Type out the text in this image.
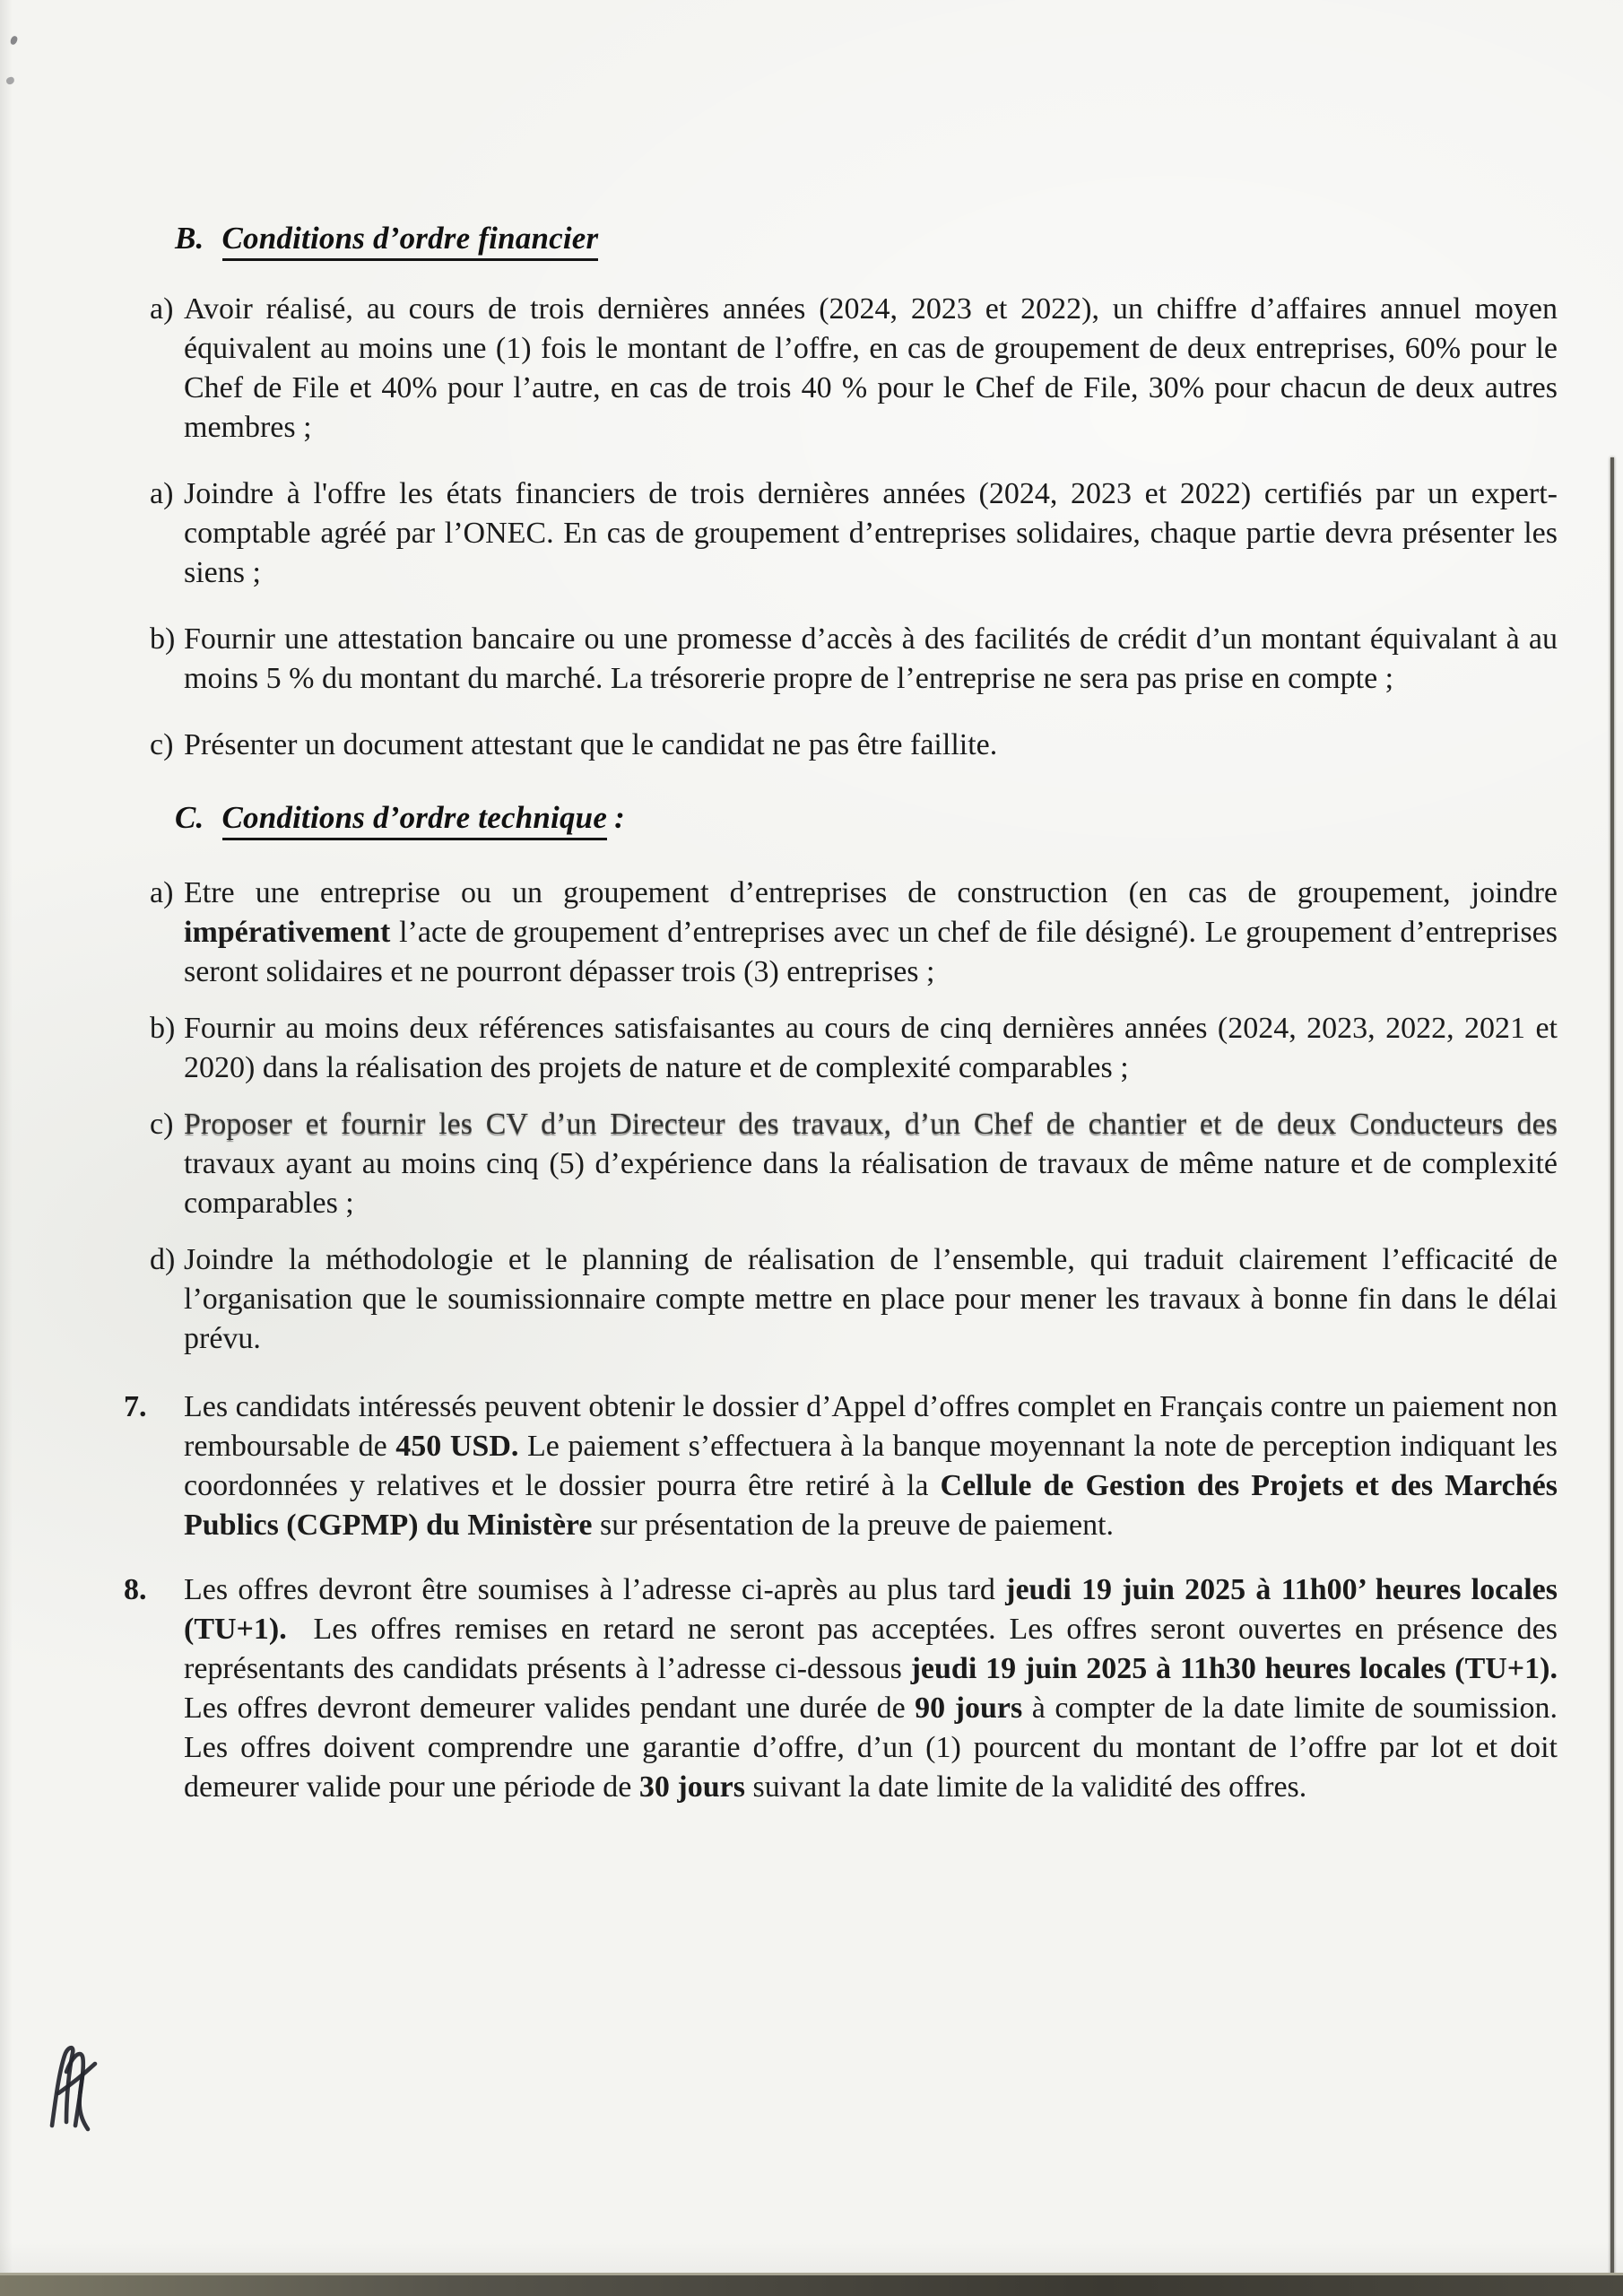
B. Conditions d’ordre financier
a) Avoir réalisé, au cours de trois dernières années (2024, 2023 et 2022), un chiffre d’affaires annuel moyen équivalent au moins une (1) fois le montant de l’offre, en cas de groupement de deux entreprises, 60% pour le Chef de File et 40% pour l’autre, en cas de trois 40 % pour le Chef de File, 30% pour chacun de deux autres membres ;

a) Joindre à l'offre les états financiers de trois dernières années (2024, 2023 et 2022) certifiés par un expert-comptable agréé par l’ONEC. En cas de groupement d’entreprises solidaires, chaque partie devra présenter les siens ;

b) Fournir une attestation bancaire ou une promesse d’accès à des facilités de crédit d’un montant équivalant à au moins 5 % du montant du marché. La trésorerie propre de l’entreprise ne sera pas prise en compte ;

c) Présenter un document attestant que le candidat ne pas être faillite.

C. Conditions d’ordre technique :
a) Etre une entreprise ou un groupement d’entreprises de construction (en cas de groupement, joindre impérativement l’acte de groupement d’entreprises avec un chef de file désigné). Le groupement d’entreprises seront solidaires et ne pourront dépasser trois (3) entreprises ;

b) Fournir au moins deux références satisfaisantes au cours de cinq dernières années (2024, 2023, 2022, 2021 et 2020) dans la réalisation des projets de nature et de complexité comparables ;

c) Proposer et fournir les CV d’un Directeur des travaux, d’un Chef de chantier et de deux Conducteurs des travaux ayant au moins cinq (5) d’expérience dans la réalisation de travaux de même nature et de complexité comparables ;

d) Joindre la méthodologie et le planning de réalisation de l’ensemble, qui traduit clairement l’efficacité de l’organisation que le soumissionnaire compte mettre en place pour mener les travaux à bonne fin dans le délai prévu.

7. Les candidats intéressés peuvent obtenir le dossier d’Appel d’offres complet en Français contre un paiement non remboursable de 450 USD. Le paiement s’effectuera à la banque moyennant la note de perception indiquant les coordonnées y relatives et le dossier pourra être retiré à la Cellule de Gestion des Projets et des Marchés Publics (CGPMP) du Ministère sur présentation de la preuve de paiement.

8. Les offres devront être soumises à l’adresse ci-après au plus tard jeudi 19 juin 2025 à 11h00’ heures locales (TU+1).  Les offres remises en retard ne seront pas acceptées. Les offres seront ouvertes en présence des représentants des candidats présents à l’adresse ci-dessous jeudi 19 juin 2025 à 11h30 heures locales (TU+1). Les offres devront demeurer valides pendant une durée de 90 jours à compter de la date limite de soumission. Les offres doivent comprendre une garantie d’offre, d’un (1) pourcent du montant de l’offre par lot et doit demeurer valide pour une période de 30 jours suivant la date limite de la validité des offres.
